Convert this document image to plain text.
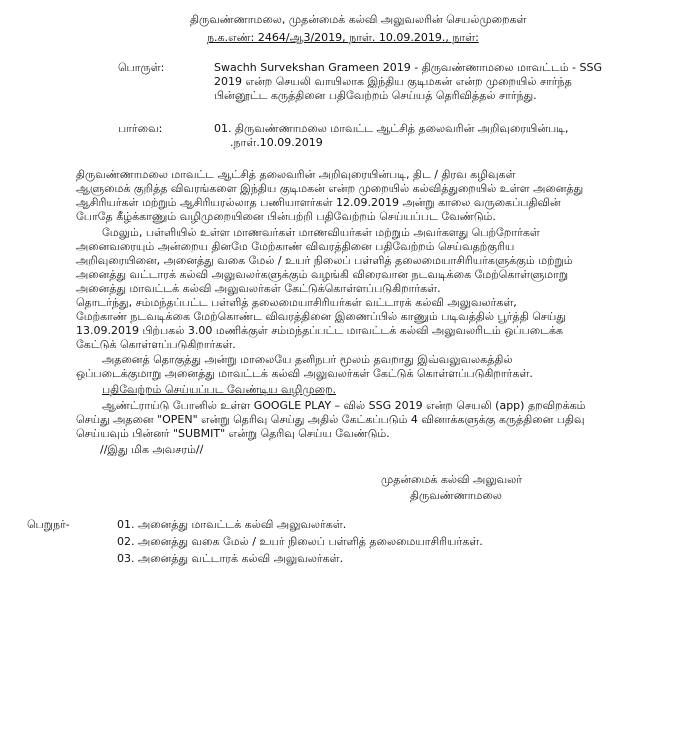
திருவண்ணாமலை, முதன்மைக் கல்வி அலுவலரின் செயல்முறைகள்
ந.க.எண்: 2464/ஆ3/2019, நாள். 10.09.2019., நாள்:
பொருள்:	Swachh Survekshan Grameen 2019 - திருவண்ணாமலை மாவட்டம் - SSG
2019 என்ற செயலி வாயிலாக இந்திய குடிமகன் என்ற முறையில் சார்ந்த
பின்னூட்ட கருத்தினை பதிவேற்றம் செய்யத் தெரிவித்தல் சார்ந்து.
பார்வை:	01. திருவண்ணாமலை மாவட்ட ஆட்சித் தலைவரின் அறிவுரையின்படி,
.நாள்.10.09.2019
திருவண்ணாமலை மாவட்ட ஆட்சித் தலைவரின் அறிவுரையின்படி, திட / திரவ கழிவுகள்
ஆளுமைக் குறித்த விவரங்களை இந்திய குடிமகன் என்ற முறையில் கல்வித்துறையில் உள்ள அனைத்து
ஆசிரியர்கள் மற்றும் ஆசிரியரல்லாத பணியாளர்கள் 12.09.2019 அன்று காலை வருகைப்பதிவின்
போதே கீழ்க்காணும் வழிமுறையினை பின்பற்றி பதிவேற்றம் செய்யப்பட வேண்டும்.
மேலும், பள்ளியில் உள்ள மாணவர்கள் மாணவியர்கள் மற்றும் அவர்களது பெற்றோர்கள்
அனைவரையும் அன்றைய தினமே மேற்காண் விவரத்தினை பதிவேற்றம் செய்வதற்குரிய
அறிவுரையினை, அனைத்து வகை மேல் / உயர் நிலைப் பள்ளித் தலைமையாசிரியர்களுக்கும் மற்றும்
அனைத்து வட்டாரக் கல்வி அலுவலர்களுக்கும் வழங்கி விரைவான நடவடிக்கை மேற்கொள்ளுமாறு
அனைத்து மாவட்டக் கல்வி அலுவலர்கள் கேட்டுக்கொள்ளப்படுகிறார்கள்.
தொடர்ந்து, சம்மந்தப்பட்ட பள்ளித் தலைமையாசிரியர்கள் வட்டாரக் கல்வி அலுவலர்கள்,
மேற்காண் நடவடிக்கை மேற்கொண்ட விவரத்தினை இணைப்பில் காணும் படிவத்தில் பூர்த்தி செய்து
13.09.2019 பிற்பகல் 3.00 மணிக்குள் சம்மந்தப்பட்ட மாவட்டக் கல்வி அலுவலரிடம் ஒப்படைக்க
கேட்டுக் கொள்ளப்படுகிறார்கள்.
அதனைத் தொகுத்து அன்று மாலையே தனிநபர் மூலம் தவறாது இவ்வலுவலகத்தில்
ஒப்படைக்குமாறு அனைத்து மாவட்டக் கல்வி அலுவலர்கள் கேட்டுக் கொள்ளப்படுகிறார்கள்.
பதிவேற்றம் செய்யப்பட வேண்டிய வழிமுறை.
ஆண்ட்ராய்டு போனில் உள்ள GOOGLE PLAY – வில் SSG 2019 என்ற செயலி (app) தறவிறக்கம்
செய்து அதனை "OPEN" என்று தெரிவு செய்து அதில் கேட்கப்படும் 4 வினாக்களுக்கு கருத்தினை பதிவு
செய்யவும் பின்னர் "SUBMIT" என்று தெரிவு செய்ய வேண்டும்.
//இது மிக அவசரம்//
முதன்மைக் கல்வி அலுவலர்
திருவண்ணாமலை
பெறுநர்-	01. அனைத்து மாவட்டக் கல்வி அலுவலர்கள்.
02. அனைத்து வகை மேல் / உயர் நிலைப் பள்ளித் தலைமையாசிரியர்கள்.
03. அனைத்து வட்டாரக் கல்வி அலுவலர்கள்.
